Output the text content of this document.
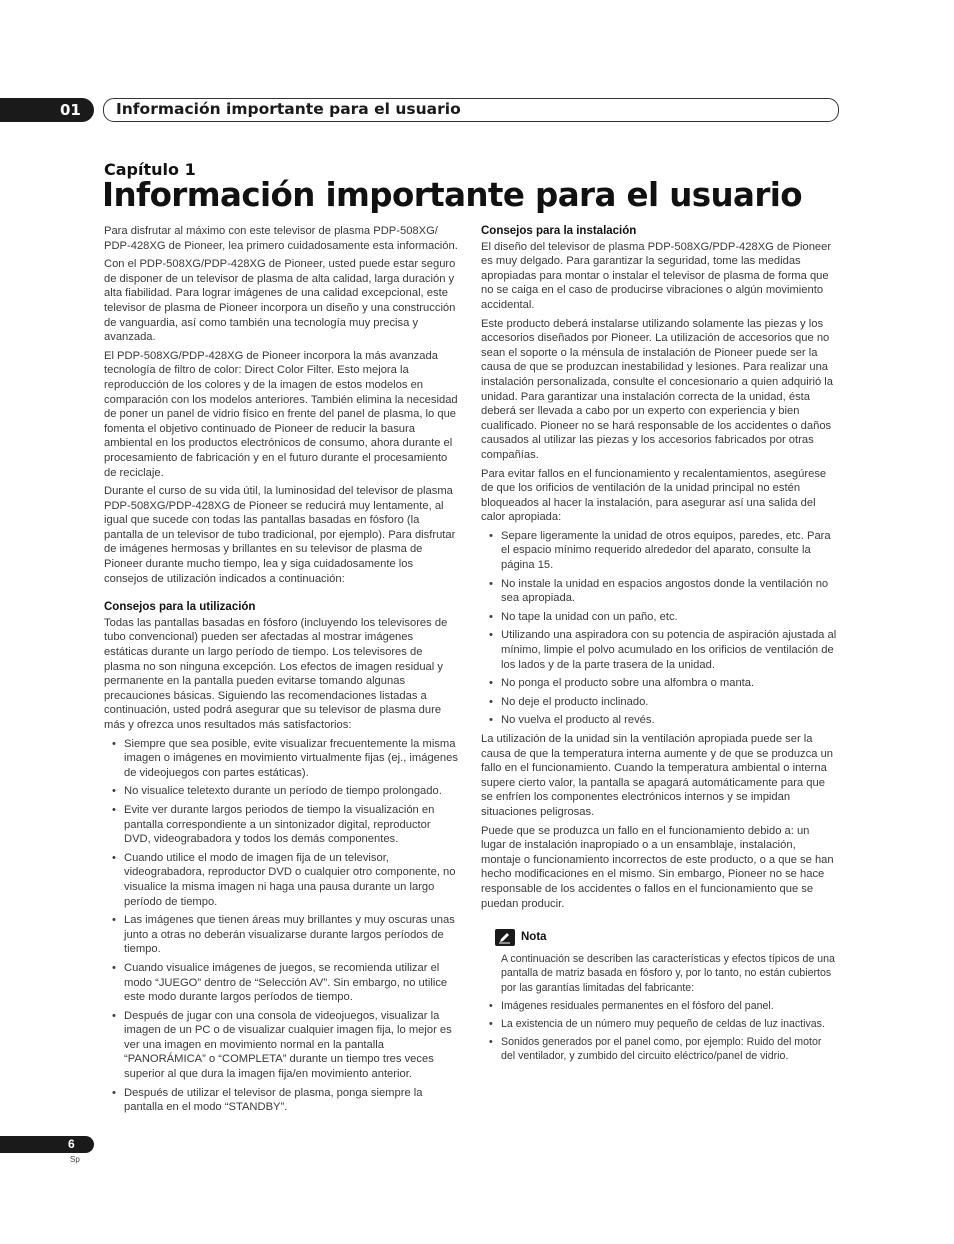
01 Información importante para el usuario
Capítulo 1
Información importante para el usuario

Para disfrutar al máximo con este televisor de plasma PDP-508XG/ PDP-428XG de Pioneer, lea primero cuidadosamente esta información.

Con el PDP-508XG/PDP-428XG de Pioneer, usted puede estar seguro de disponer de un televisor de plasma de alta calidad, larga duración y alta fiabilidad. Para lograr imágenes de una calidad excepcional, este televisor de plasma de Pioneer incorpora un diseño y una construcción de vanguardia, así como también una tecnología muy precisa y avanzada.

El PDP-508XG/PDP-428XG de Pioneer incorpora la más avanzada tecnología de filtro de color: Direct Color Filter. Esto mejora la reproducción de los colores y de la imagen de estos modelos en comparación con los modelos anteriores. También elimina la necesidad de poner un panel de vidrio físico en frente del panel de plasma, lo que fomenta el objetivo continuado de Pioneer de reducir la basura ambiental en los productos electrónicos de consumo, ahora durante el procesamiento de fabricación y en el futuro durante el procesamiento de reciclaje.

Durante el curso de su vida útil, la luminosidad del televisor de plasma PDP-508XG/PDP-428XG de Pioneer se reducirá muy lentamente, al igual que sucede con todas las pantallas basadas en fósforo (la pantalla de un televisor de tubo tradicional, por ejemplo). Para disfrutar de imágenes hermosas y brillantes en su televisor de plasma de Pioneer durante mucho tiempo, lea y siga cuidadosamente los consejos de utilización indicados a continuación:

Consejos para la utilización

Todas las pantallas basadas en fósforo (incluyendo los televisores de tubo convencional) pueden ser afectadas al mostrar imágenes estáticas durante un largo período de tiempo. Los televisores de plasma no son ninguna excepción. Los efectos de imagen residual y permanente en la pantalla pueden evitarse tomando algunas precauciones básicas. Siguiendo las recomendaciones listadas a continuación, usted podrá asegurar que su televisor de plasma dure más y ofrezca unos resultados más satisfactorios:

• Siempre que sea posible, evite visualizar frecuentemente la misma imagen o imágenes en movimiento virtualmente fijas (ej., imágenes de videojuegos con partes estáticas).
• No visualice teletexto durante un período de tiempo prolongado.
• Evite ver durante largos periodos de tiempo la visualización en pantalla correspondiente a un sintonizador digital, reproductor DVD, videograbadora y todos los demás componentes.
• Cuando utilice el modo de imagen fija de un televisor, videograbadora, reproductor DVD o cualquier otro componente, no visualice la misma imagen ni haga una pausa durante un largo período de tiempo.
• Las imágenes que tienen áreas muy brillantes y muy oscuras unas junto a otras no deberán visualizarse durante largos períodos de tiempo.
• Cuando visualice imágenes de juegos, se recomienda utilizar el modo “JUEGO” dentro de “Selección AV”. Sin embargo, no utilice este modo durante largos períodos de tiempo.
• Después de jugar con una consola de videojuegos, visualizar la imagen de un PC o de visualizar cualquier imagen fija, lo mejor es ver una imagen en movimiento normal en la pantalla “PANORÁMICA” o “COMPLETA” durante un tiempo tres veces superior al que dura la imagen fija/en movimiento anterior.
• Después de utilizar el televisor de plasma, ponga siempre la pantalla en el modo “STANDBY”.
Consejos para la instalación

El diseño del televisor de plasma PDP-508XG/PDP-428XG de Pioneer es muy delgado. Para garantizar la seguridad, tome las medidas apropiadas para montar o instalar el televisor de plasma de forma que no se caiga en el caso de producirse vibraciones o algún movimiento accidental.

Este producto deberá instalarse utilizando solamente las piezas y los accesorios diseñados por Pioneer. La utilización de accesorios que no sean el soporte o la ménsula de instalación de Pioneer puede ser la causa de que se produzcan inestabilidad y lesiones. Para realizar una instalación personalizada, consulte el concesionario a quien adquirió la unidad. Para garantizar una instalación correcta de la unidad, ésta deberá ser llevada a cabo por un experto con experiencia y bien cualificado. Pioneer no se hará responsable de los accidentes o daños causados al utilizar las piezas y los accesorios fabricados por otras compañías.

Para evitar fallos en el funcionamiento y recalentamientos, asegúrese de que los orificios de ventilación de la unidad principal no estén bloqueados al hacer la instalación, para asegurar así una salida del calor apropiada:

• Separe ligeramente la unidad de otros equipos, paredes, etc. Para el espacio mínimo requerido alrededor del aparato, consulte la página 15.
• No instale la unidad en espacios angostos donde la ventilación no sea apropiada.
• No tape la unidad con un paño, etc.
• Utilizando una aspiradora con su potencia de aspiración ajustada al mínimo, limpie el polvo acumulado en los orificios de ventilación de los lados y de la parte trasera de la unidad.
• No ponga el producto sobre una alfombra o manta.
• No deje el producto inclinado.
• No vuelva el producto al revés.

La utilización de la unidad sin la ventilación apropiada puede ser la causa de que la temperatura interna aumente y de que se produzca un fallo en el funcionamiento. Cuando la temperatura ambiental o interna supere cierto valor, la pantalla se apagará automáticamente para que se enfríen los componentes electrónicos internos y se impidan situaciones peligrosas.

Puede que se produzca un fallo en el funcionamiento debido a: un lugar de instalación inapropiado o a un ensamblaje, instalación, montaje o funcionamiento incorrectos de este producto, o a que se han hecho modificaciones en el mismo. Sin embargo, Pioneer no se hace responsable de los accidentes o fallos en el funcionamiento que se puedan producir.

Nota

A continuación se describen las características y efectos típicos de una pantalla de matriz basada en fósforo y, por lo tanto, no están cubiertos por las garantías limitadas del fabricante:

• Imágenes residuales permanentes en el fósforo del panel.
• La existencia de un número muy pequeño de celdas de luz inactivas.
• Sonidos generados por el panel como, por ejemplo: Ruido del motor del ventilador, y zumbido del circuito eléctrico/panel de vidrio.
6
Sp
